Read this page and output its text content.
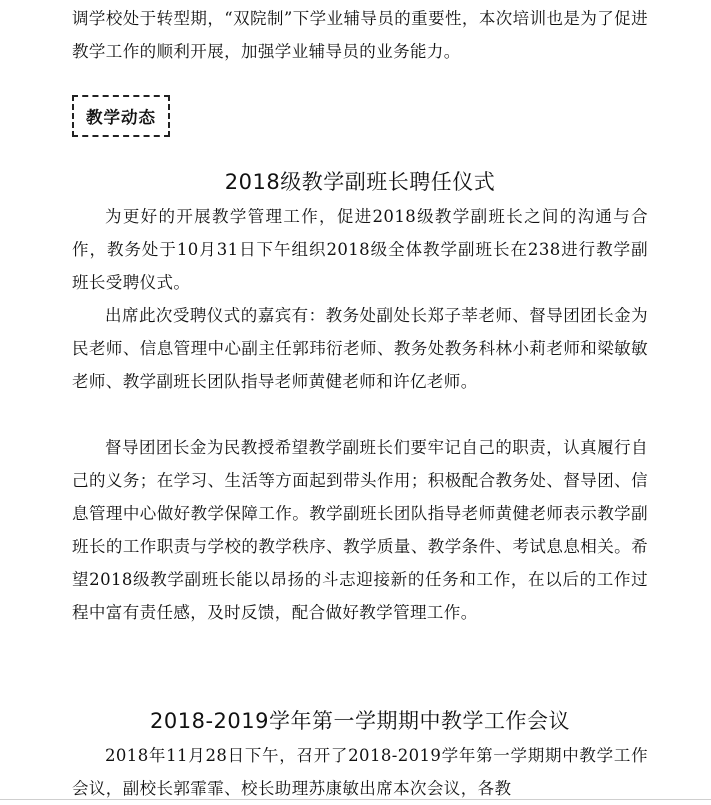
调学校处于转型期，“双院制”下学业辅导员的重要性，本次培训也是为了促进教学工作的顺利开展，加强学业辅导员的业务能力。

教学动态
2018级教学副班长聘任仪式

为更好的开展教学管理工作，促进2018级教学副班长之间的沟通与合作，教务处于10月31日下午组织2018级全体教学副班长在238进行教学副班长受聘仪式。

出席此次受聘仪式的嘉宾有：教务处副处长郑子莘老师、督导团团长金为民老师、信息管理中心副主任郭玮衍老师、教务处教务科林小莉老师和梁敏敏老师、教学副班长团队指导老师黄健老师和许亿老师。

督导团团长金为民教授希望教学副班长们要牢记自己的职责，认真履行自己的义务；在学习、生活等方面起到带头作用；积极配合教务处、督导团、信息管理中心做好教学保障工作。教学副班长团队指导老师黄健老师表示教学副班长的工作职责与学校的教学秩序、教学质量、教学条件、考试息息相关。希望2018级教学副班长能以昂扬的斗志迎接新的任务和工作，在以后的工作过程中富有责任感，及时反馈，配合做好教学管理工作。

2018-2019学年第一学期期中教学工作会议

2018年11月28日下午，召开了2018-2019学年第一学期期中教学工作会议，副校长郭霏霏、校长助理苏康敏出席本次会议，各教
